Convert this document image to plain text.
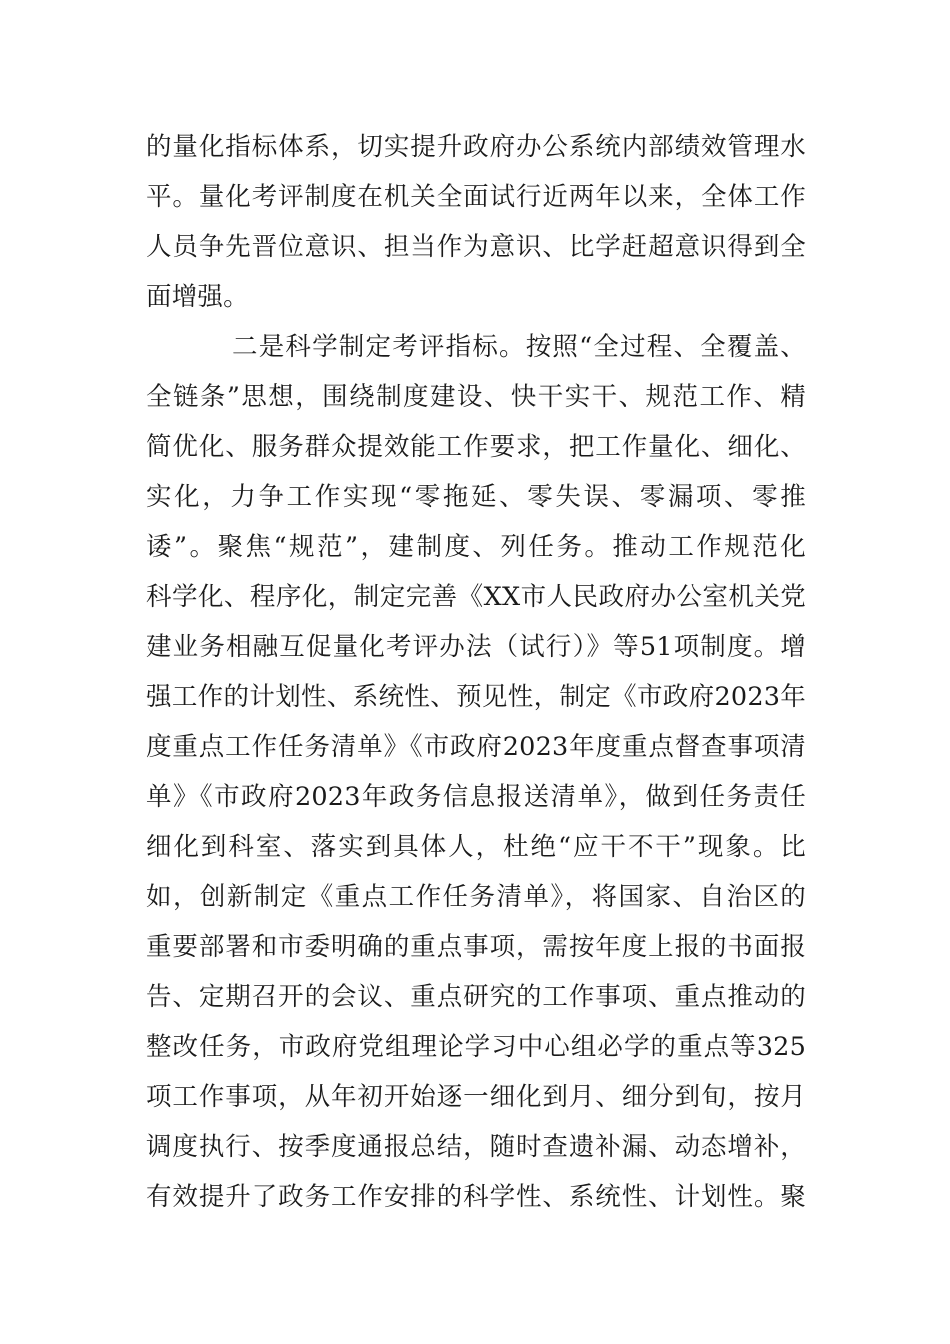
的量化指标体系，切实提升政府办公系统内部绩效管理水
平。量化考评制度在机关全面试行近两年以来，全体工作
人员争先晋位意识、担当作为意识、比学赶超意识得到全
面增强。
二是科学制定考评指标。按照“全过程、全覆盖、
全链条”思想，围绕制度建设、快干实干、规范工作、精
简优化、服务群众提效能工作要求，把工作量化、细化、
实化，力争工作实现“零拖延、零失误、零漏项、零推
诿”。聚焦“规范”，建制度、列任务。推动工作规范化
科学化、程序化，制定完善《XX市人民政府办公室机关党
建业务相融互促量化考评办法（试行）》等51项制度。增
强工作的计划性、系统性、预见性，制定《市政府2023年
度重点工作任务清单》《市政府2023年度重点督查事项清
单》《市政府2023年政务信息报送清单》，做到任务责任
细化到科室、落实到具体人，杜绝“应干不干”现象。比
如，创新制定《重点工作任务清单》，将国家、自治区的
重要部署和市委明确的重点事项，需按年度上报的书面报
告、定期召开的会议、重点研究的工作事项、重点推动的
整改任务，市政府党组理论学习中心组必学的重点等325
项工作事项，从年初开始逐一细化到月、细分到旬，按月
调度执行、按季度通报总结，随时查遗补漏、动态增补，
有效提升了政务工作安排的科学性、系统性、计划性。聚
